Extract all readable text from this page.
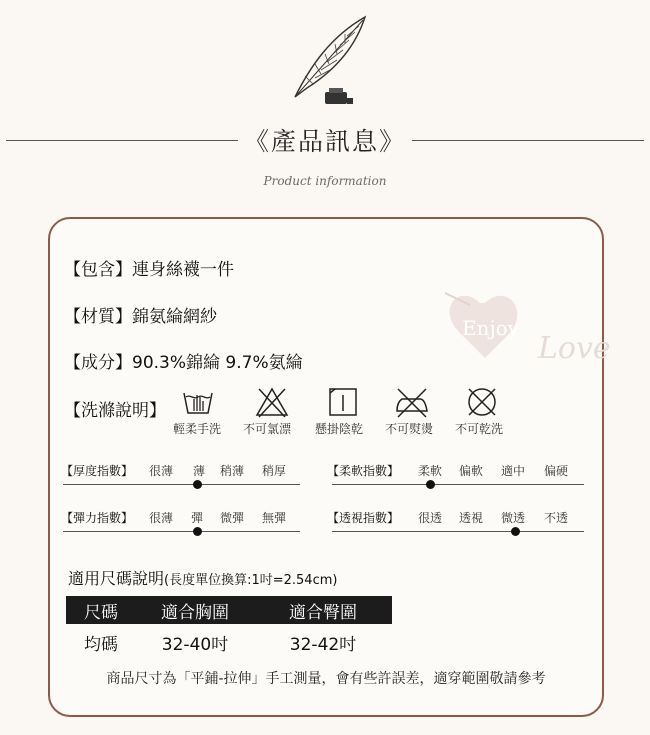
《產品訊息》
Product information
Enjoy
Love
【包含】連身絲襪一件
【材質】錦氨綸網紗
【成分】90.3%錦綸 9.7%氨綸
【洗滌說明】
輕柔手洗 不可氯漂 懸掛陰乾 不可熨燙 不可乾洗
【厚度指數】 很薄 薄 稍薄 稍厚	【柔軟指數】 柔軟 偏軟 適中 偏硬
【彈力指數】 很薄 彈 微彈 無彈	【透視指數】 很透 透視 微透 不透
適用尺碼說明(長度單位換算:1吋=2.54cm)
尺碼	適合胸圍	適合臀圍
均碼	32-40吋	32-42吋
商品尺寸為「平鋪-拉伸」手工測量，會有些許誤差，適穿範圍敬請參考
